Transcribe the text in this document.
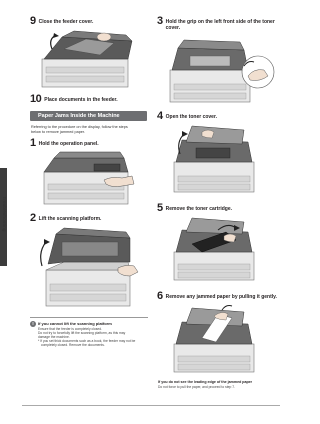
Troubleshooting
9 Close the feeder cover.
10 Place documents in the feeder.
Paper Jams Inside the Machine
Referring to the procedure on the display, follow the steps
below to remove jammed paper.
1 Hold the operation panel.
2 Lift the scanning platform.
!	If you cannot lift the scanning platform
Ensure that the feeder is completely closed.
Do not try to forcefully lift the scanning platform, as this may
damage the machine.
* If you set thick documents such as a book, the feeder may not be
completely closed. Remove the documents.
3 Hold the grip on the left front side of the toner
cover.
4 Open the toner cover.
5 Remove the toner cartridge.
6 Remove any jammed paper by pulling it gently.
If you do not see the leading edge of the jammed paper
Do not force to pull the paper, and proceed to step 7.
